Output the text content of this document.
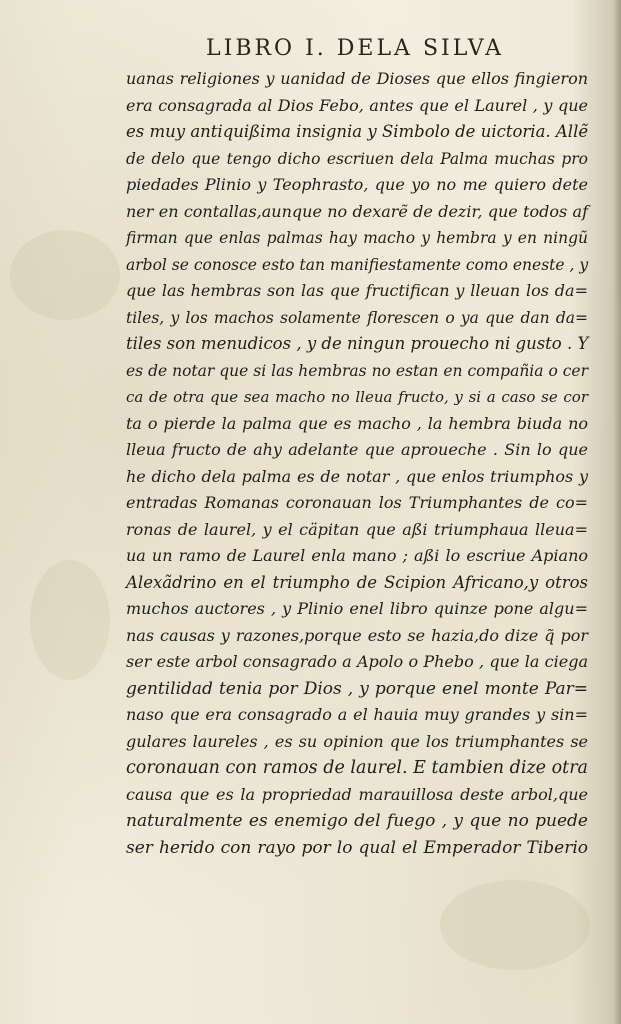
LIBRO I. DELA SILVA
uanas religiones y uanidad de Dioses que ellos fingieron
era consagrada al Dios Febo, antes que el Laurel , y que
es muy antiquißima insignia y Simbolo de uictoria. Allẽ
de delo que tengo dicho escriuen dela Palma muchas pro
piedades Plinio y Teophrasto, que yo no me quiero dete
ner en contallas,aunque no dexarẽ de dezir, que todos af
firman que enlas palmas hay macho y hembra y en ningũ
arbol se conosce esto tan manifiestamente como eneste , y
que las hembras son las que fructifican y lleuan los da=
tiles, y los machos solamente florescen o ya que dan da=
tiles son menudicos , y de ningun prouecho ni gusto . Y
es de notar que si las hembras no estan en compañia o cer
ca de otra que sea macho no lleua fructo, y si a caso se cor
ta o pierde la palma que es macho , la hembra biuda no
lleua fructo de ahy adelante que aproueche . Sin lo que
he dicho dela palma es de notar , que enlos triumphos y
entradas Romanas coronauan los Triumphantes de co=
ronas de laurel, y el cäpitan que aßi triumphaua lleua=
ua un ramo de Laurel enla mano ; aßi lo escriue Apiano
Alexãdrino en el triumpho de Scipion Africano,y otros
muchos auctores , y Plinio enel libro quinze pone algu=
nas causas y razones,porque esto se hazia,do dize q̃ por
ser este arbol consagrado a Apolo o Phebo , que la ciega
gentilidad tenia por Dios , y porque enel monte Par=
naso que era consagrado a el hauia muy grandes y sin=
gulares laureles , es su opinion que los triumphantes se
coronauan con ramos de laurel. E tambien dize otra
causa que es la propriedad marauillosa deste arbol,que
naturalmente es enemigo del fuego , y que no puede
ser herido con rayo por lo qual el Emperador Tiberio
